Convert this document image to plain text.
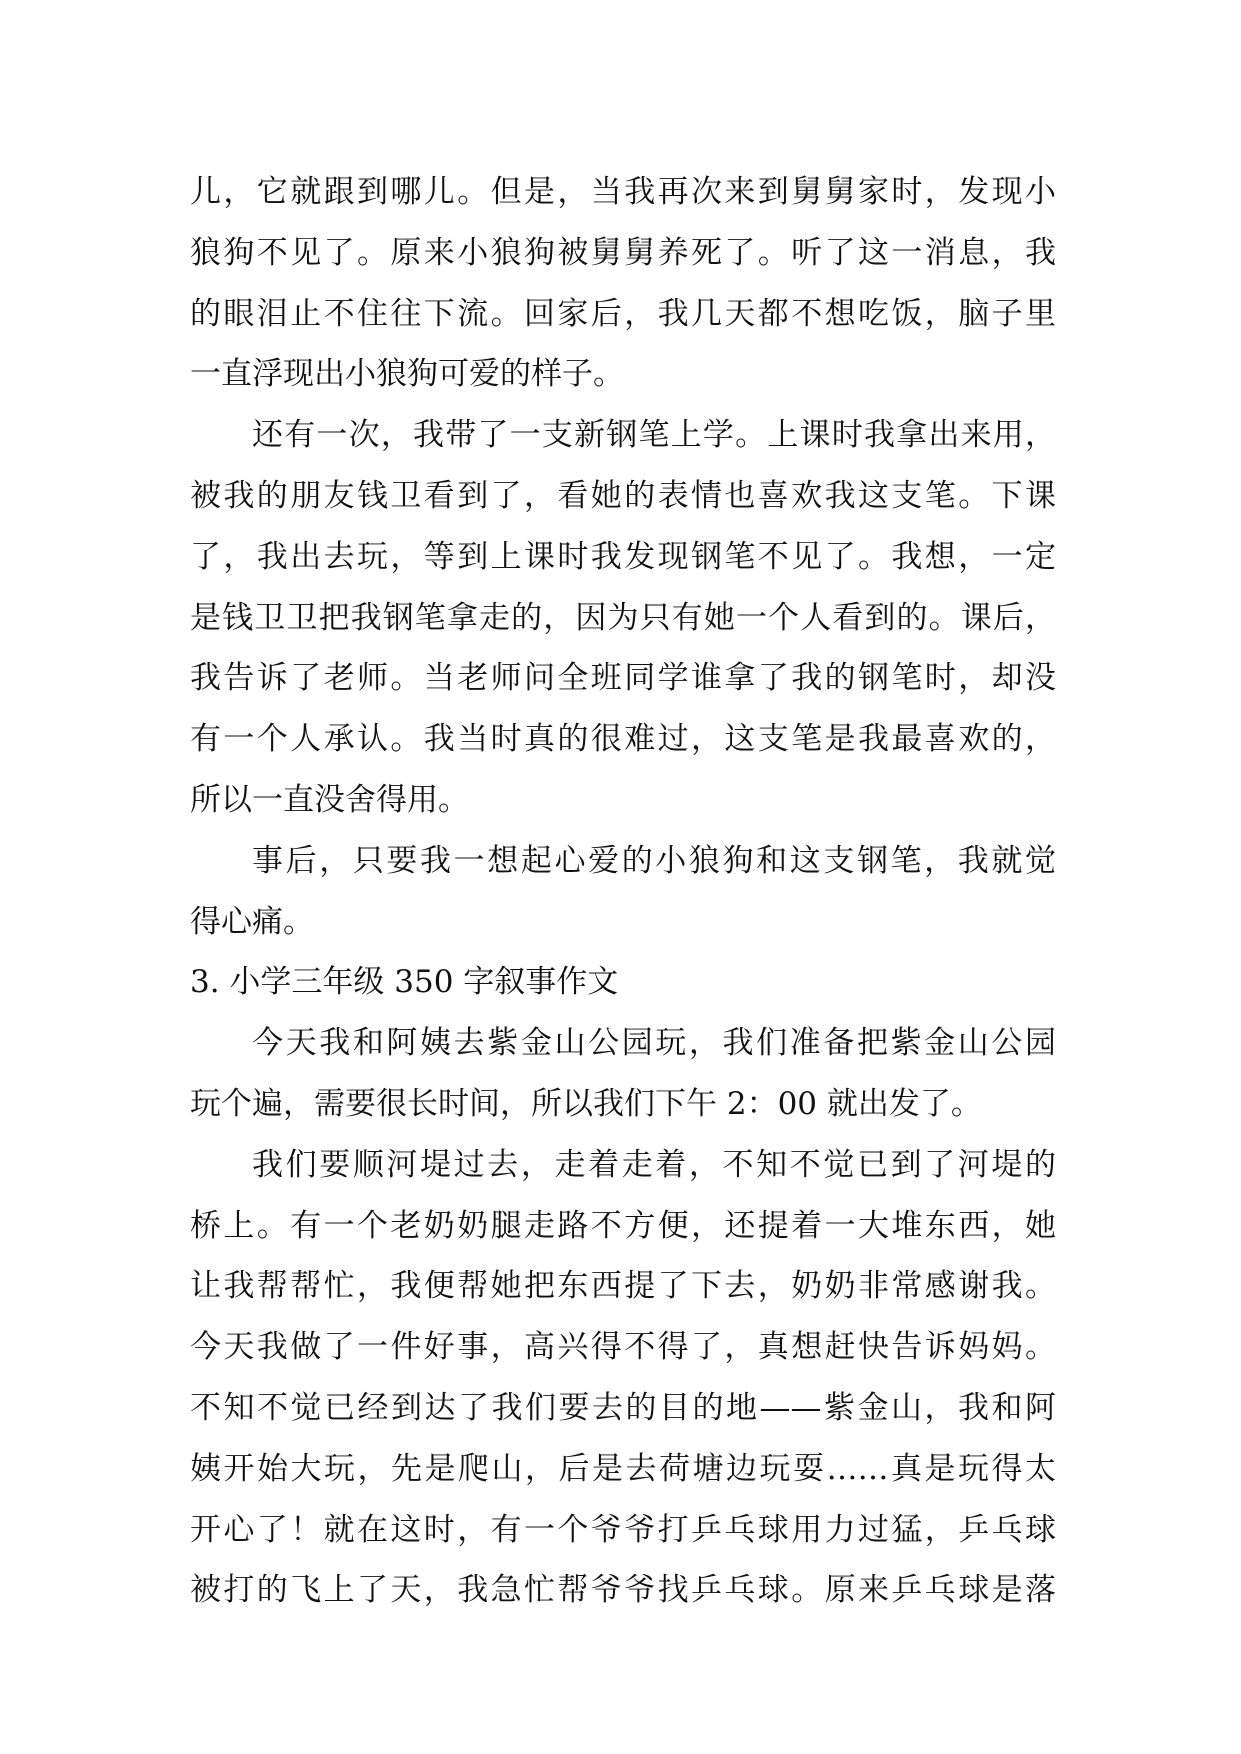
儿，它就跟到哪儿。但是，当我再次来到舅舅家时，发现小
狼狗不见了。原来小狼狗被舅舅养死了。听了这一消息，我
的眼泪止不住往下流。回家后，我几天都不想吃饭，脑子里
一直浮现出小狼狗可爱的样子。
还有一次，我带了一支新钢笔上学。上课时我拿出来用，
被我的朋友钱卫看到了，看她的表情也喜欢我这支笔。下课
了，我出去玩，等到上课时我发现钢笔不见了。我想，一定
是钱卫卫把我钢笔拿走的，因为只有她一个人看到的。课后，
我告诉了老师。当老师问全班同学谁拿了我的钢笔时，却没
有一个人承认。我当时真的很难过，这支笔是我最喜欢的，
所以一直没舍得用。
事后，只要我一想起心爱的小狼狗和这支钢笔，我就觉
得心痛。
3. 小学三年级 350 字叙事作文
今天我和阿姨去紫金山公园玩，我们准备把紫金山公园
玩个遍，需要很长时间，所以我们下午 2：00 就出发了。
我们要顺河堤过去，走着走着，不知不觉已到了河堤的
桥上。有一个老奶奶腿走路不方便，还提着一大堆东西，她
让我帮帮忙，我便帮她把东西提了下去，奶奶非常感谢我。
今天我做了一件好事，高兴得不得了，真想赶快告诉妈妈。
不知不觉已经到达了我们要去的目的地——紫金山，我和阿
姨开始大玩，先是爬山，后是去荷塘边玩耍……真是玩得太
开心了！就在这时，有一个爷爷打乒乓球用力过猛，乒乓球
被打的飞上了天，我急忙帮爷爷找乒乓球。原来乒乓球是落
